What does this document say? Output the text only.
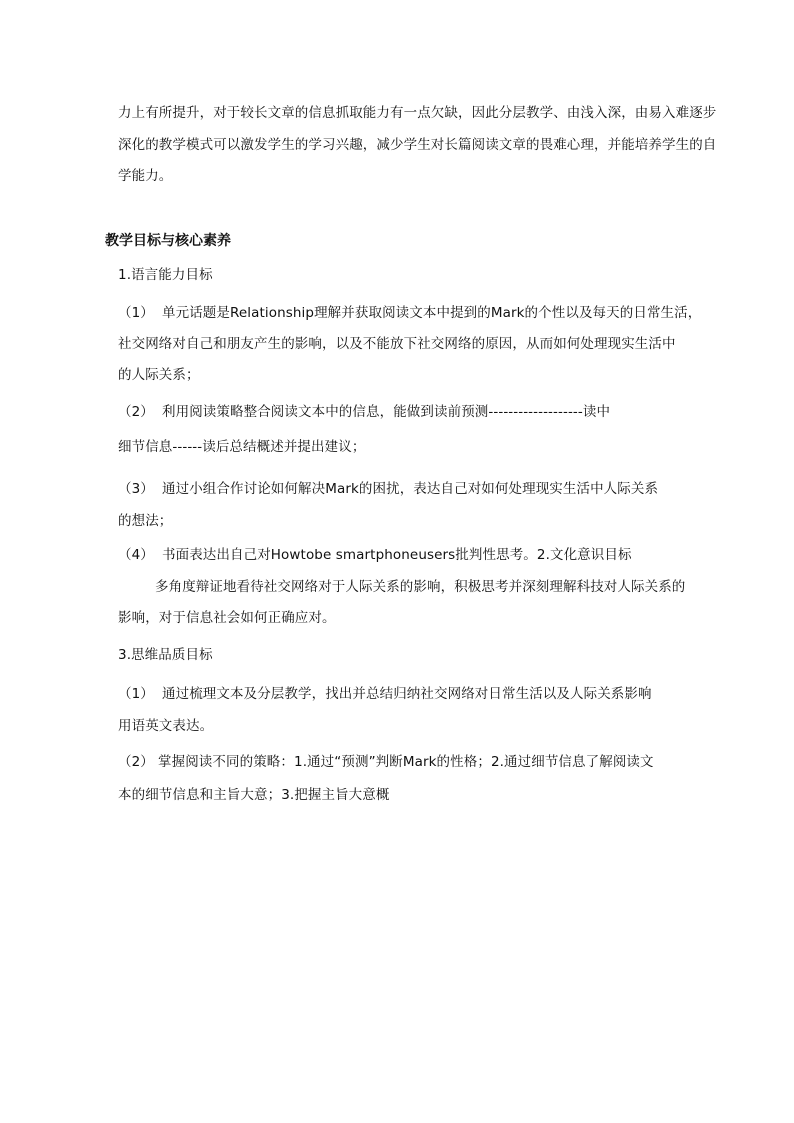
力上有所提升，对于较长文章的信息抓取能力有一点欠缺，因此分层教学、由浅入深，由易入难逐步
深化的教学模式可以激发学生的学习兴趣，减少学生对长篇阅读文章的畏难心理，并能培养学生的自
学能力。
教学目标与核心素养
1.语言能力目标
（1） 单元话题是Relationship理解并获取阅读文本中提到的Mark的个性以及每天的日常生活，
社交网络对自己和朋友产生的影响，以及不能放下社交网络的原因，从而如何处理现实生活中
的人际关系；
（2） 利用阅读策略整合阅读文本中的信息，能做到读前预测-------------------读中
细节信息------读后总结概述并提出建议；
（3） 通过小组合作讨论如何解决Mark的困扰，表达自己对如何处理现实生活中人际关系
的想法；
（4） 书面表达出自己对Howtobe smartphoneusers批判性思考。2.文化意识目标
多角度辩证地看待社交网络对于人际关系的影响，积极思考并深刻理解科技对人际关系的
影响，对于信息社会如何正确应对。
3.思维品质目标
（1） 通过梳理文本及分层教学，找出并总结归纳社交网络对日常生活以及人际关系影响
用语英文表达。
（2） 掌握阅读不同的策略：1.通过“预测”判断Mark的性格；2.通过细节信息了解阅读文
本的细节信息和主旨大意；3.把握主旨大意概
